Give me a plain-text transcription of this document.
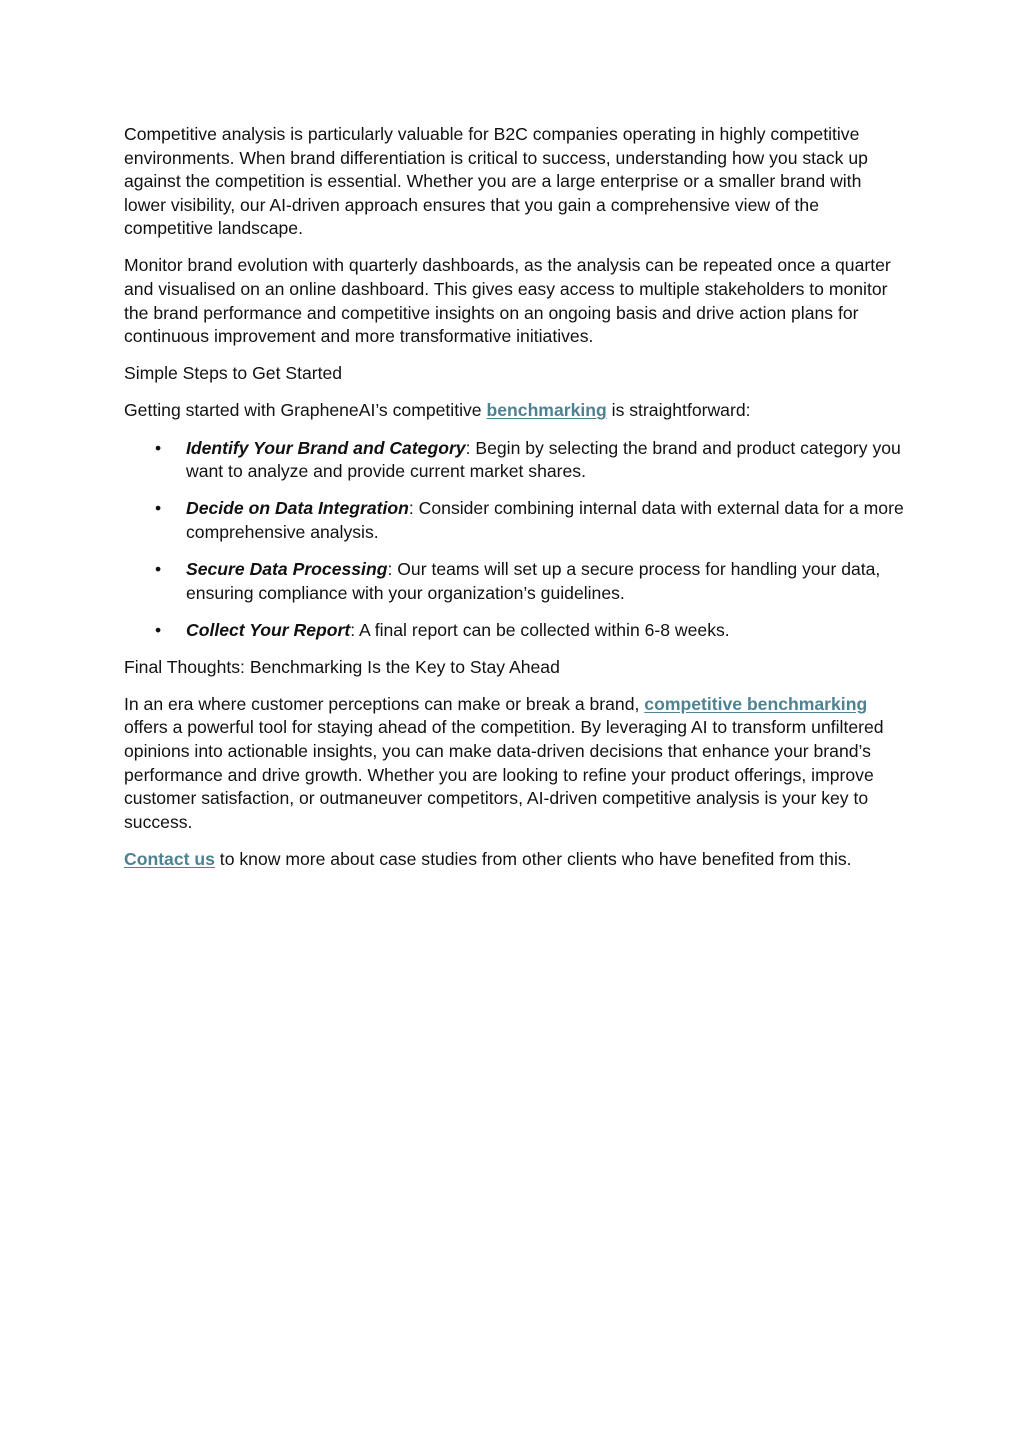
Competitive analysis is particularly valuable for B2C companies operating in highly competitive environments. When brand differentiation is critical to success, understanding how you stack up against the competition is essential. Whether you are a large enterprise or a smaller brand with lower visibility, our AI-driven approach ensures that you gain a comprehensive view of the competitive landscape.

Monitor brand evolution with quarterly dashboards, as the analysis can be repeated once a quarter and visualised on an online dashboard. This gives easy access to multiple stakeholders to monitor the brand performance and competitive insights on an ongoing basis and drive action plans for continuous improvement and more transformative initiatives.

Simple Steps to Get Started

Getting started with GrapheneAI’s competitive benchmarking is straightforward:

• Identify Your Brand and Category: Begin by selecting the brand and product category you want to analyze and provide current market shares.
• Decide on Data Integration: Consider combining internal data with external data for a more comprehensive analysis.
• Secure Data Processing: Our teams will set up a secure process for handling your data, ensuring compliance with your organization’s guidelines.
• Collect Your Report: A final report can be collected within 6-8 weeks.

Final Thoughts: Benchmarking Is the Key to Stay Ahead

In an era where customer perceptions can make or break a brand, competitive benchmarking offers a powerful tool for staying ahead of the competition. By leveraging AI to transform unfiltered opinions into actionable insights, you can make data-driven decisions that enhance your brand’s performance and drive growth. Whether you are looking to refine your product offerings, improve customer satisfaction, or outmaneuver competitors, AI-driven competitive analysis is your key to success.

Contact us to know more about case studies from other clients who have benefited from this.
